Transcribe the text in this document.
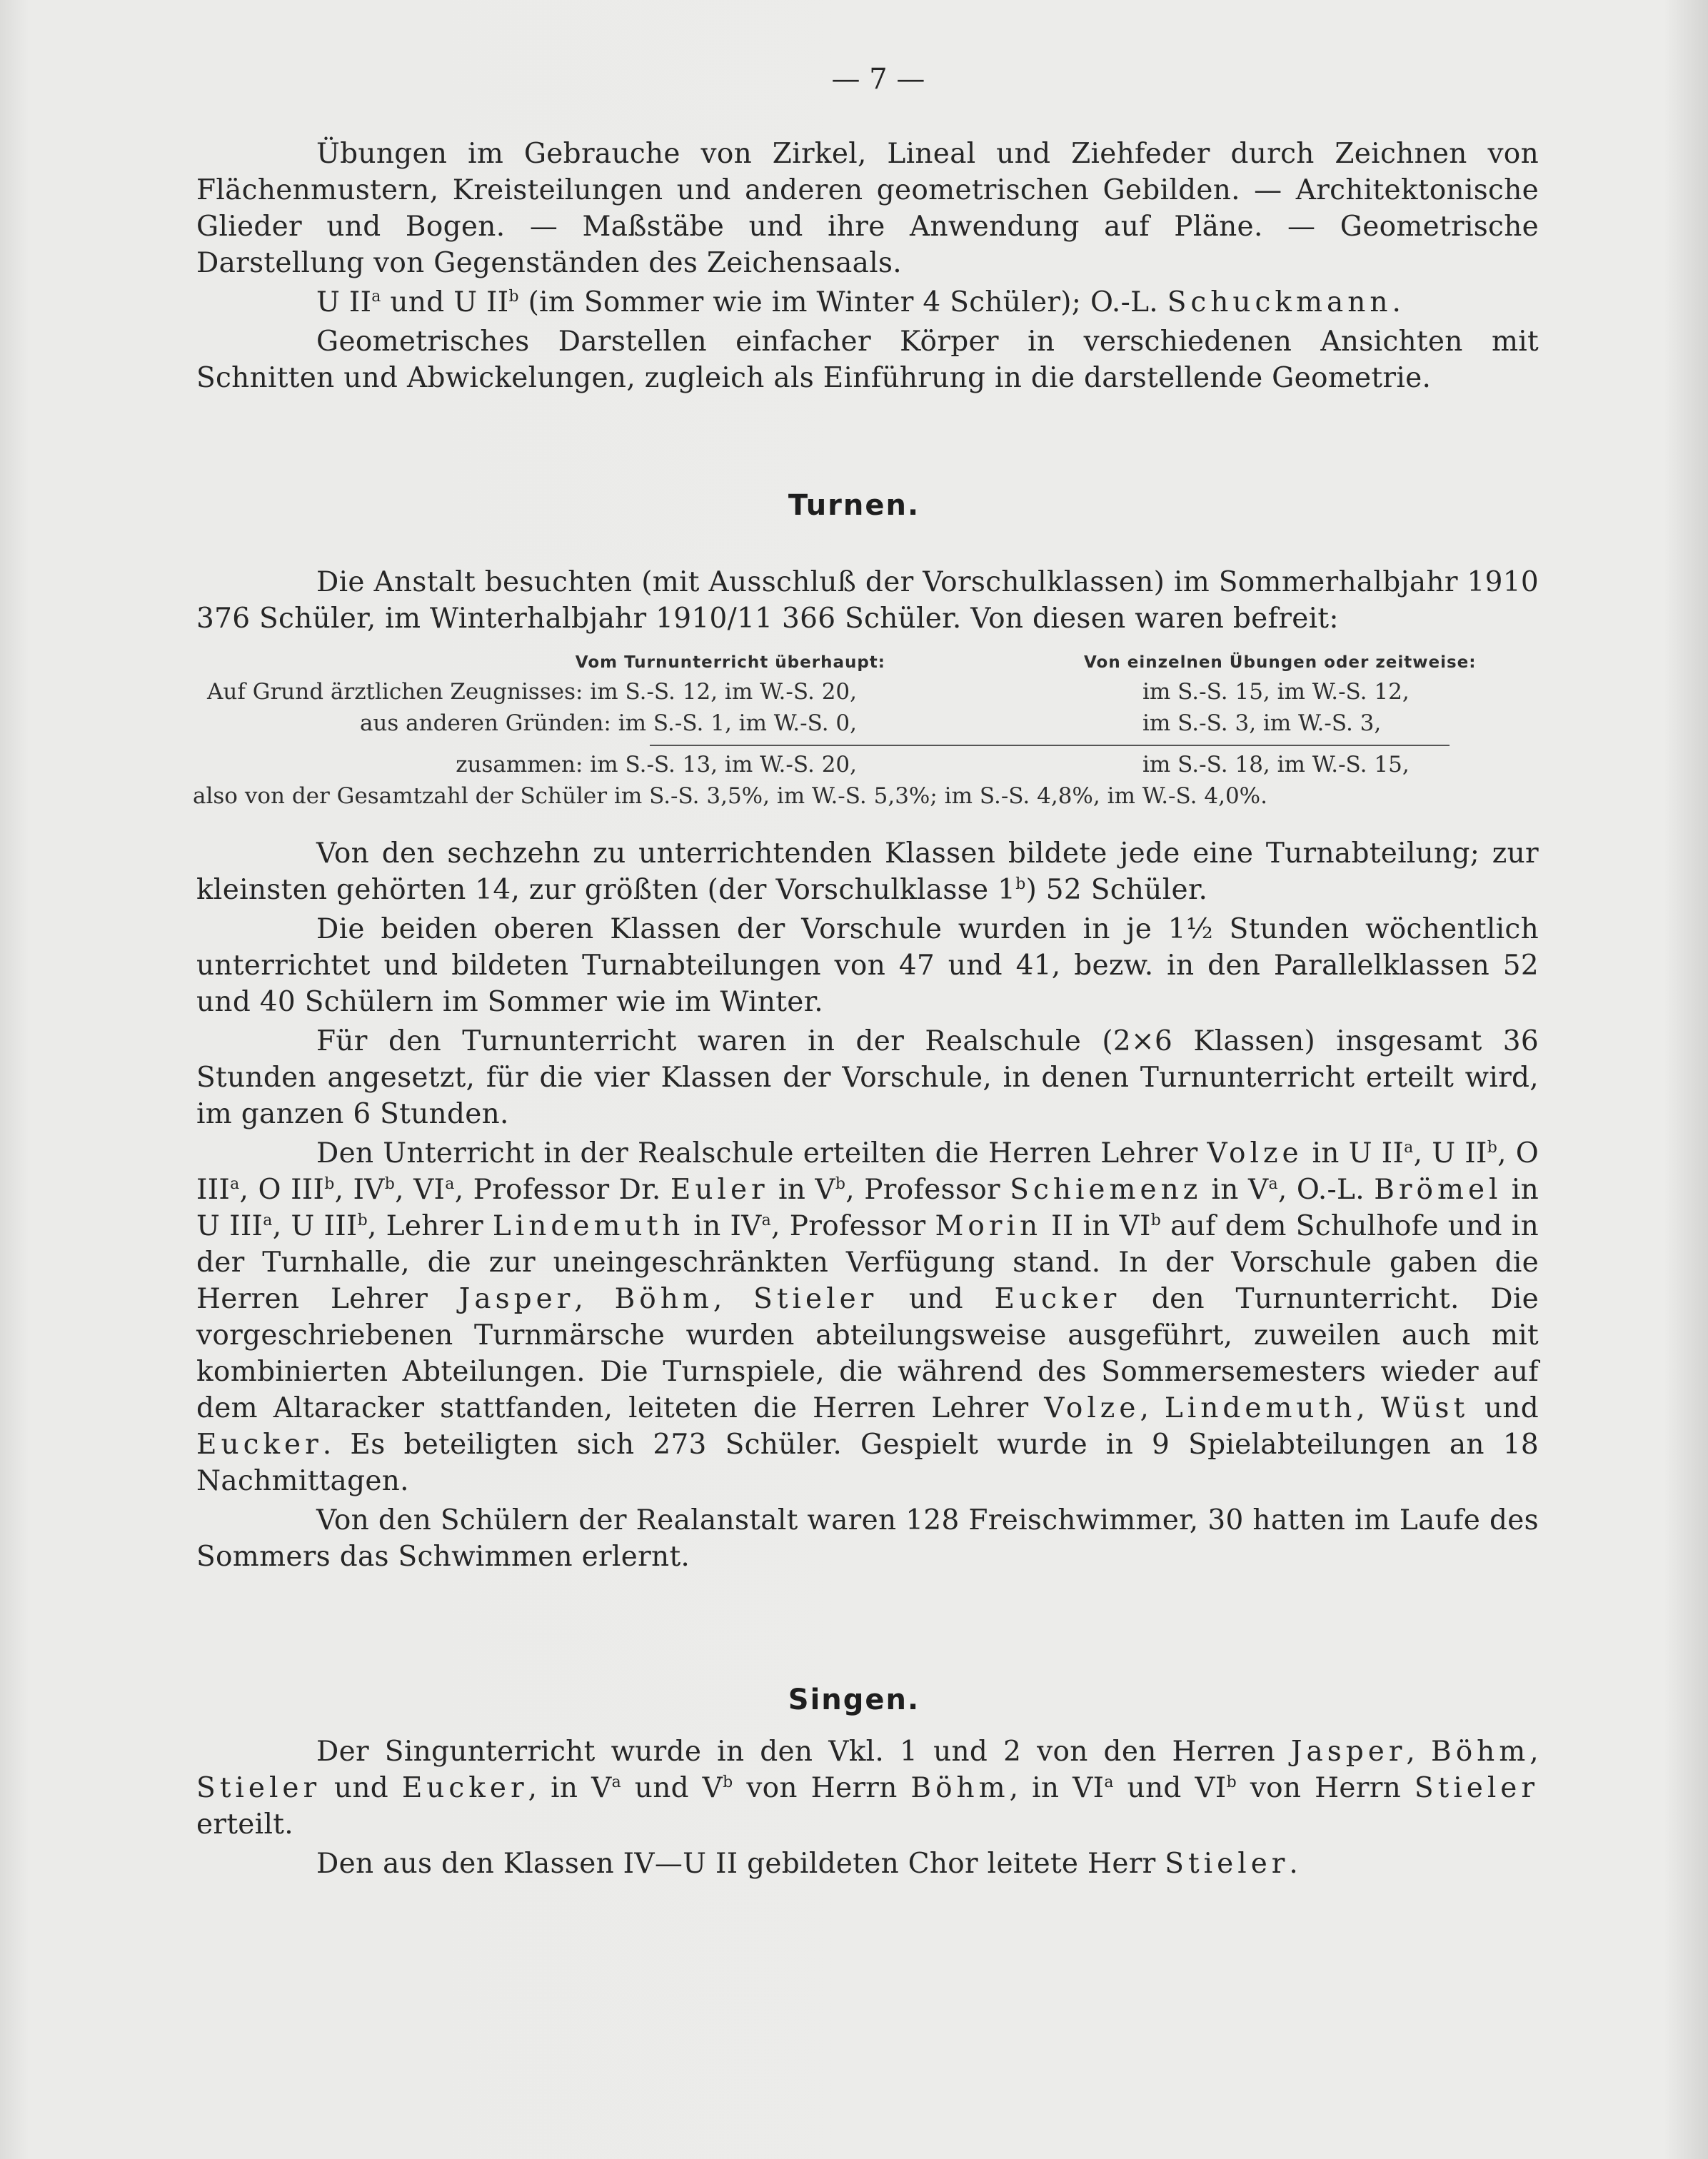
— 7 —

Übungen im Gebrauche von Zirkel, Lineal und Ziehfeder durch Zeichnen von Flächenmustern, Kreisteilungen und anderen geometrischen Gebilden. — Architektonische Glieder und Bogen. — Maßstäbe und ihre Anwendung auf Pläne. — Geometrische Darstellung von Gegenständen des Zeichensaals.

U $II^a$ und U $II^b$ (im Sommer wie im Winter 4 Schüler); O.-L. Schuckmann.

Geometrisches Darstellen einfacher Körper in verschiedenen Ansichten mit Schnitten und Abwickelungen, zugleich als Einführung in die darstellende Geometrie.

Turnen.

Die Anstalt besuchten (mit Ausschluß der Vorschulklassen) im Sommerhalbjahr 1910 376 Schüler, im Winterhalbjahr 1910/11 366 Schüler. Von diesen waren befreit:

Vom Turnunterricht überhaupt:	Von einzelnen Übungen oder zeitweise:
Auf Grund ärztlichen Zeugnisses: im S.-S. 12, im W.-S. 20,	im S.-S. 15, im W.-S. 12,
aus anderen Gründen: im S.-S. 1, im W.-S. 0,	im S.-S. 3, im W.-S. 3,
zusammen: im S.-S. 13, im W.-S. 20,	im S.-S. 18, im W.-S. 15,
also von der Gesamtzahl der Schüler im S.-S. 3,5%, im W.-S. 5,3%; im S.-S. 4,8%, im W.-S. 4,0%.

Von den sechzehn zu unterrichtenden Klassen bildete jede eine Turnabteilung; zur kleinsten gehörten 14, zur größten (der Vorschulklasse 1$^b$) 52 Schüler.

Die beiden oberen Klassen der Vorschule wurden in je 1½ Stunden wöchentlich unterrichtet und bildeten Turnabteilungen von 47 und 41, bezw. in den Parallelklassen 52 und 40 Schülern im Sommer wie im Winter.

Für den Turnunterricht waren in der Realschule (2×6 Klassen) insgesamt 36 Stunden angesetzt, für die vier Klassen der Vorschule, in denen Turnunterricht erteilt wird, im ganzen 6 Stunden.

Den Unterricht in der Realschule erteilten die Herren Lehrer Volze in U $II^a$, U $II^b$, O III$^a$, O III$^b$, $IV^b$, $VI^a$, Professor Dr. Euler in $V^b$, Professor Schiemenz in $V^a$, O.-L. Brömel in U III$^a$, U III$^b$, Lehrer Lindemuth in $IV^a$, Professor Morin II in $VI^b$ auf dem Schulhofe und in der Turnhalle, die zur uneingeschränkten Verfügung stand. In der Vorschule gaben die Herren Lehrer Jasper, Böhm, Stieler und Eucker den Turnunterricht. Die vorgeschriebenen Turnmärsche wurden abteilungsweise ausgeführt, zuweilen auch mit kombinierten Abteilungen. Die Turnspiele, die während des Sommersemesters wieder auf dem Altaracker stattfanden, leiteten die Herren Lehrer Volze, Lindemuth, Wüst und Eucker. Es beteiligten sich 273 Schüler. Gespielt wurde in 9 Spielabteilungen an 18 Nachmittagen.

Von den Schülern der Realanstalt waren 128 Freischwimmer, 30 hatten im Laufe des Sommers das Schwimmen erlernt.

Singen.

Der Singunterricht wurde in den Vkl. 1 und 2 von den Herren Jasper, Böhm, Stieler und Eucker, in $V^a$ und $V^b$ von Herrn Böhm, in $VI^a$ und $VI^b$ von Herrn Stieler erteilt.

Den aus den Klassen IV—U II gebildeten Chor leitete Herr Stieler.
